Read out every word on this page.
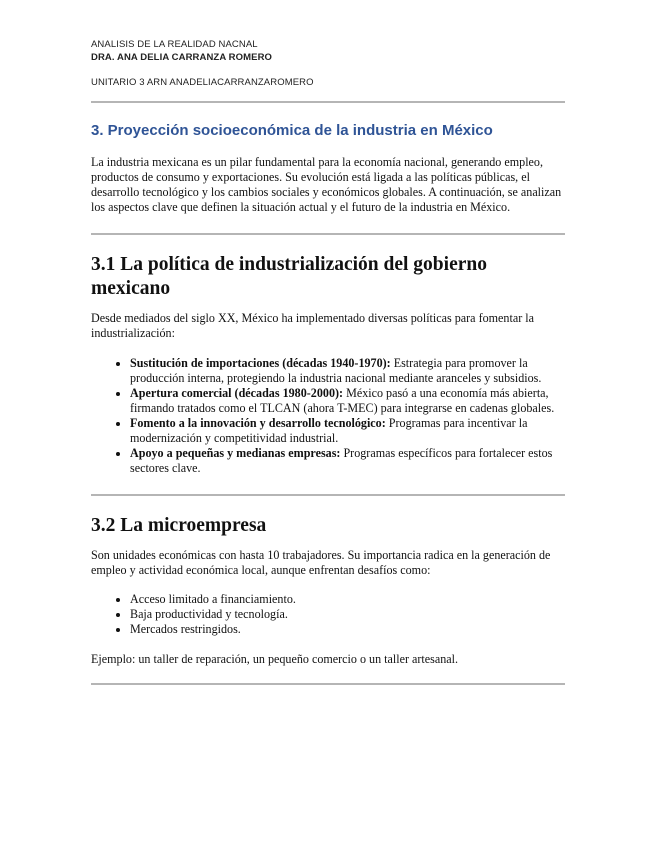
ANALISIS DE LA REALIDAD NACNAL
DRA. ANA DELIA CARRANZA ROMERO
UNITARIO 3 ARN ANADELIACARRANZAROMERO
3. Proyección socioeconómica de la industria en México

La industria mexicana es un pilar fundamental para la economía nacional, generando empleo, productos de consumo y exportaciones. Su evolución está ligada a las políticas públicas, el desarrollo tecnológico y los cambios sociales y económicos globales. A continuación, se analizan los aspectos clave que definen la situación actual y el futuro de la industria en México.

3.1 La política de industrialización del gobierno mexicano

Desde mediados del siglo XX, México ha implementado diversas políticas para fomentar la industrialización:

• Sustitución de importaciones (décadas 1940-1970): Estrategia para promover la producción interna, protegiendo la industria nacional mediante aranceles y subsidios.
• Apertura comercial (décadas 1980-2000): México pasó a una economía más abierta, firmando tratados como el TLCAN (ahora T-MEC) para integrarse en cadenas globales.
• Fomento a la innovación y desarrollo tecnológico: Programas para incentivar la modernización y competitividad industrial.
• Apoyo a pequeñas y medianas empresas: Programas específicos para fortalecer estos sectores clave.
3.2 La microempresa

Son unidades económicas con hasta 10 trabajadores. Su importancia radica en la generación de empleo y actividad económica local, aunque enfrentan desafíos como:

• Acceso limitado a financiamiento.
• Baja productividad y tecnología.
• Mercados restringidos.

Ejemplo: un taller de reparación, un pequeño comercio o un taller artesanal.
